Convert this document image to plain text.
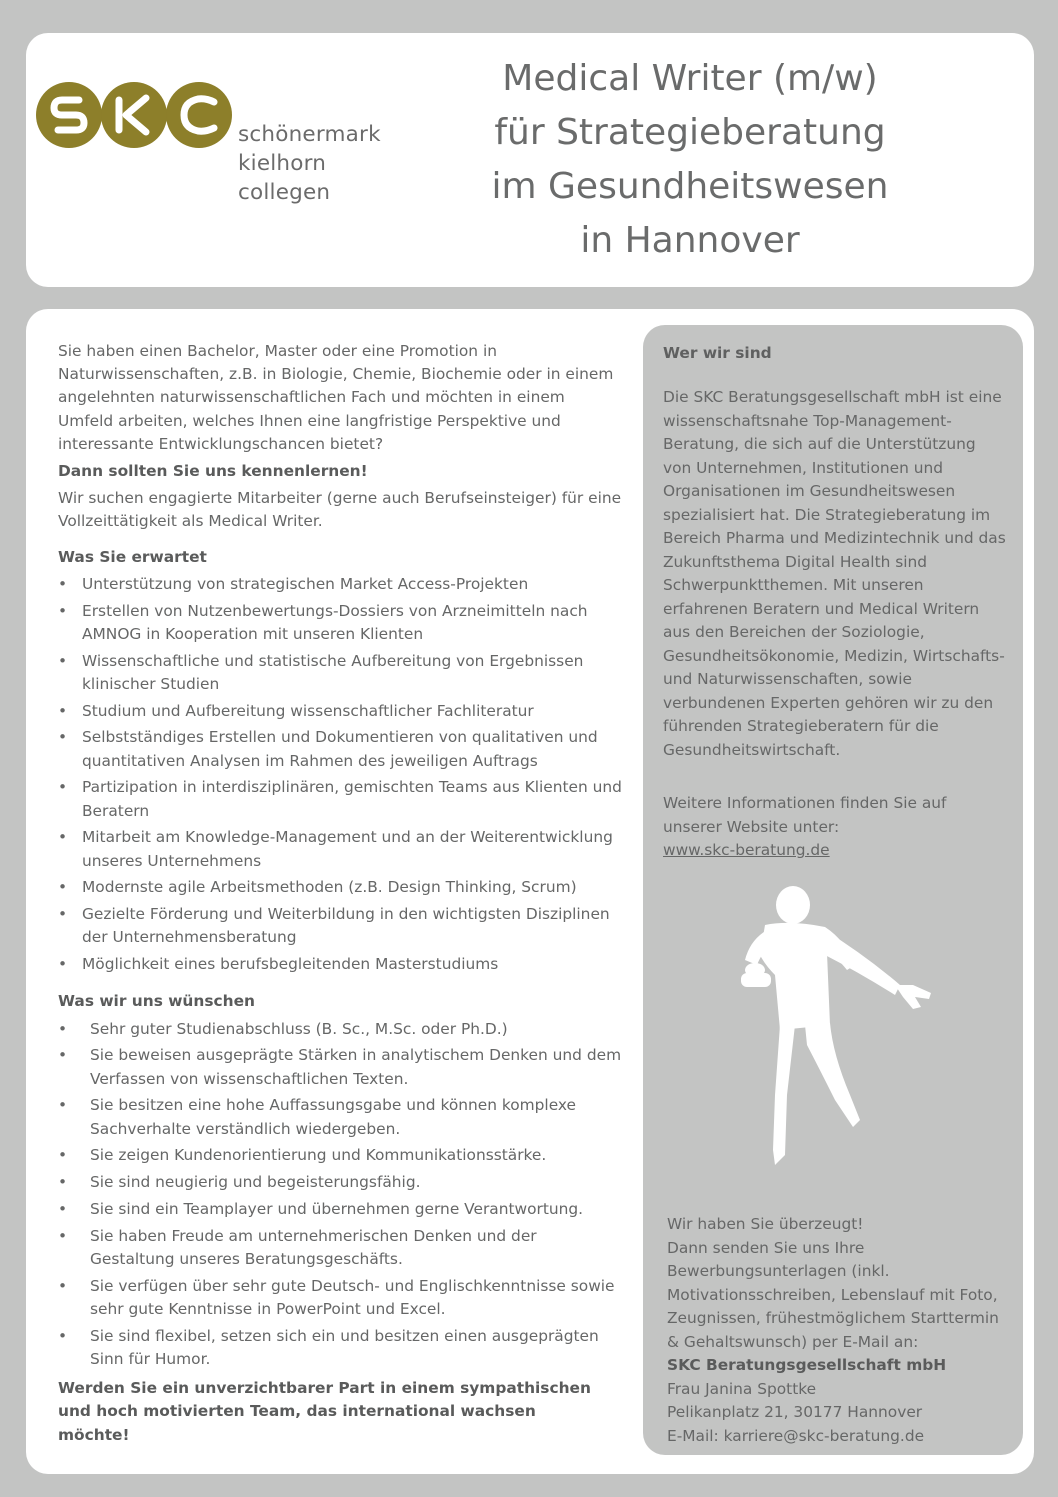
schönermark
kielhorn
collegen
Medical Writer (m/w)
für Strategieberatung
im Gesundheitswesen
in Hannover

Sie haben einen Bachelor, Master oder eine Promotion in Naturwissenschaften, z.B. in Biologie, Chemie, Biochemie oder in einem angelehnten naturwissenschaftlichen Fach und möchten in einem Umfeld arbeiten, welches Ihnen eine langfristige Perspektive und interessante Entwicklungschancen bietet?

Dann sollten Sie uns kennenlernen!

Wir suchen engagierte Mitarbeiter (gerne auch Berufseinsteiger) für eine Vollzeittätigkeit als Medical Writer.

Was Sie erwartet

• Unterstützung von strategischen Market Access-Projekten
• Erstellen von Nutzenbewertungs-Dossiers von Arzneimitteln nach AMNOG in Kooperation mit unseren Klienten
• Wissenschaftliche und statistische Aufbereitung von Ergebnissen klinischer Studien
• Studium und Aufbereitung wissenschaftlicher Fachliteratur
• Selbstständiges Erstellen und Dokumentieren von qualitativen und quantitativen Analysen im Rahmen des jeweiligen Auftrags
• Partizipation in interdisziplinären, gemischten Teams aus Klienten und Beratern
• Mitarbeit am Knowledge-Management und an der Weiterentwicklung unseres Unternehmens
• Modernste agile Arbeitsmethoden (z.B. Design Thinking, Scrum)
• Gezielte Förderung und Weiterbildung in den wichtigsten Disziplinen der Unternehmensberatung
• Möglichkeit eines berufsbegleitenden Masterstudiums

Was wir uns wünschen

• Sehr guter Studienabschluss (B. Sc., M.Sc. oder Ph.D.)
• Sie beweisen ausgeprägte Stärken in analytischem Denken und dem Verfassen von wissenschaftlichen Texten.
• Sie besitzen eine hohe Auffassungsgabe und können komplexe Sachverhalte verständlich wiedergeben.
• Sie zeigen Kundenorientierung und Kommunikationsstärke.
• Sie sind neugierig und begeisterungsfähig.
• Sie sind ein Teamplayer und übernehmen gerne Verantwortung.
• Sie haben Freude am unternehmerischen Denken und der Gestaltung unseres Beratungsgeschäfts.
• Sie verfügen über sehr gute Deutsch- und Englischkenntnisse sowie sehr gute Kenntnisse in PowerPoint und Excel.
• Sie sind flexibel, setzen sich ein und besitzen einen ausgeprägten Sinn für Humor.

Werden Sie ein unverzichtbarer Part in einem sympathischen und hoch motivierten Team, das international wachsen möchte!

Wer wir sind

Die SKC Beratungsgesellschaft mbH ist eine wissenschaftsnahe Top-Management-Beratung, die sich auf die Unterstützung von Unternehmen, Institutionen und Organisationen im Gesundheitswesen spezialisiert hat. Die Strategieberatung im Bereich Pharma und Medizintechnik und das Zukunftsthema Digital Health sind Schwerpunktthemen. Mit unseren erfahrenen Beratern und Medical Writern aus den Bereichen der Soziologie, Gesundheitsökonomie, Medizin, Wirtschafts- und Naturwissenschaften, sowie verbundenen Experten gehören wir zu den führenden Strategieberatern für die Gesundheitswirtschaft.

Weitere Informationen finden Sie auf unserer Website unter:

www.skc-beratung.de

Wir haben Sie überzeugt!

Dann senden Sie uns Ihre Bewerbungsunterlagen (inkl. Motivationsschreiben, Lebenslauf mit Foto, Zeugnissen, frühestmöglichem Starttermin & Gehaltswunsch) per E-Mail an:

SKC Beratungsgesellschaft mbH

Frau Janina Spottke

Pelikanplatz 21, 30177 Hannover

E-Mail: karriere@skc-beratung.de
